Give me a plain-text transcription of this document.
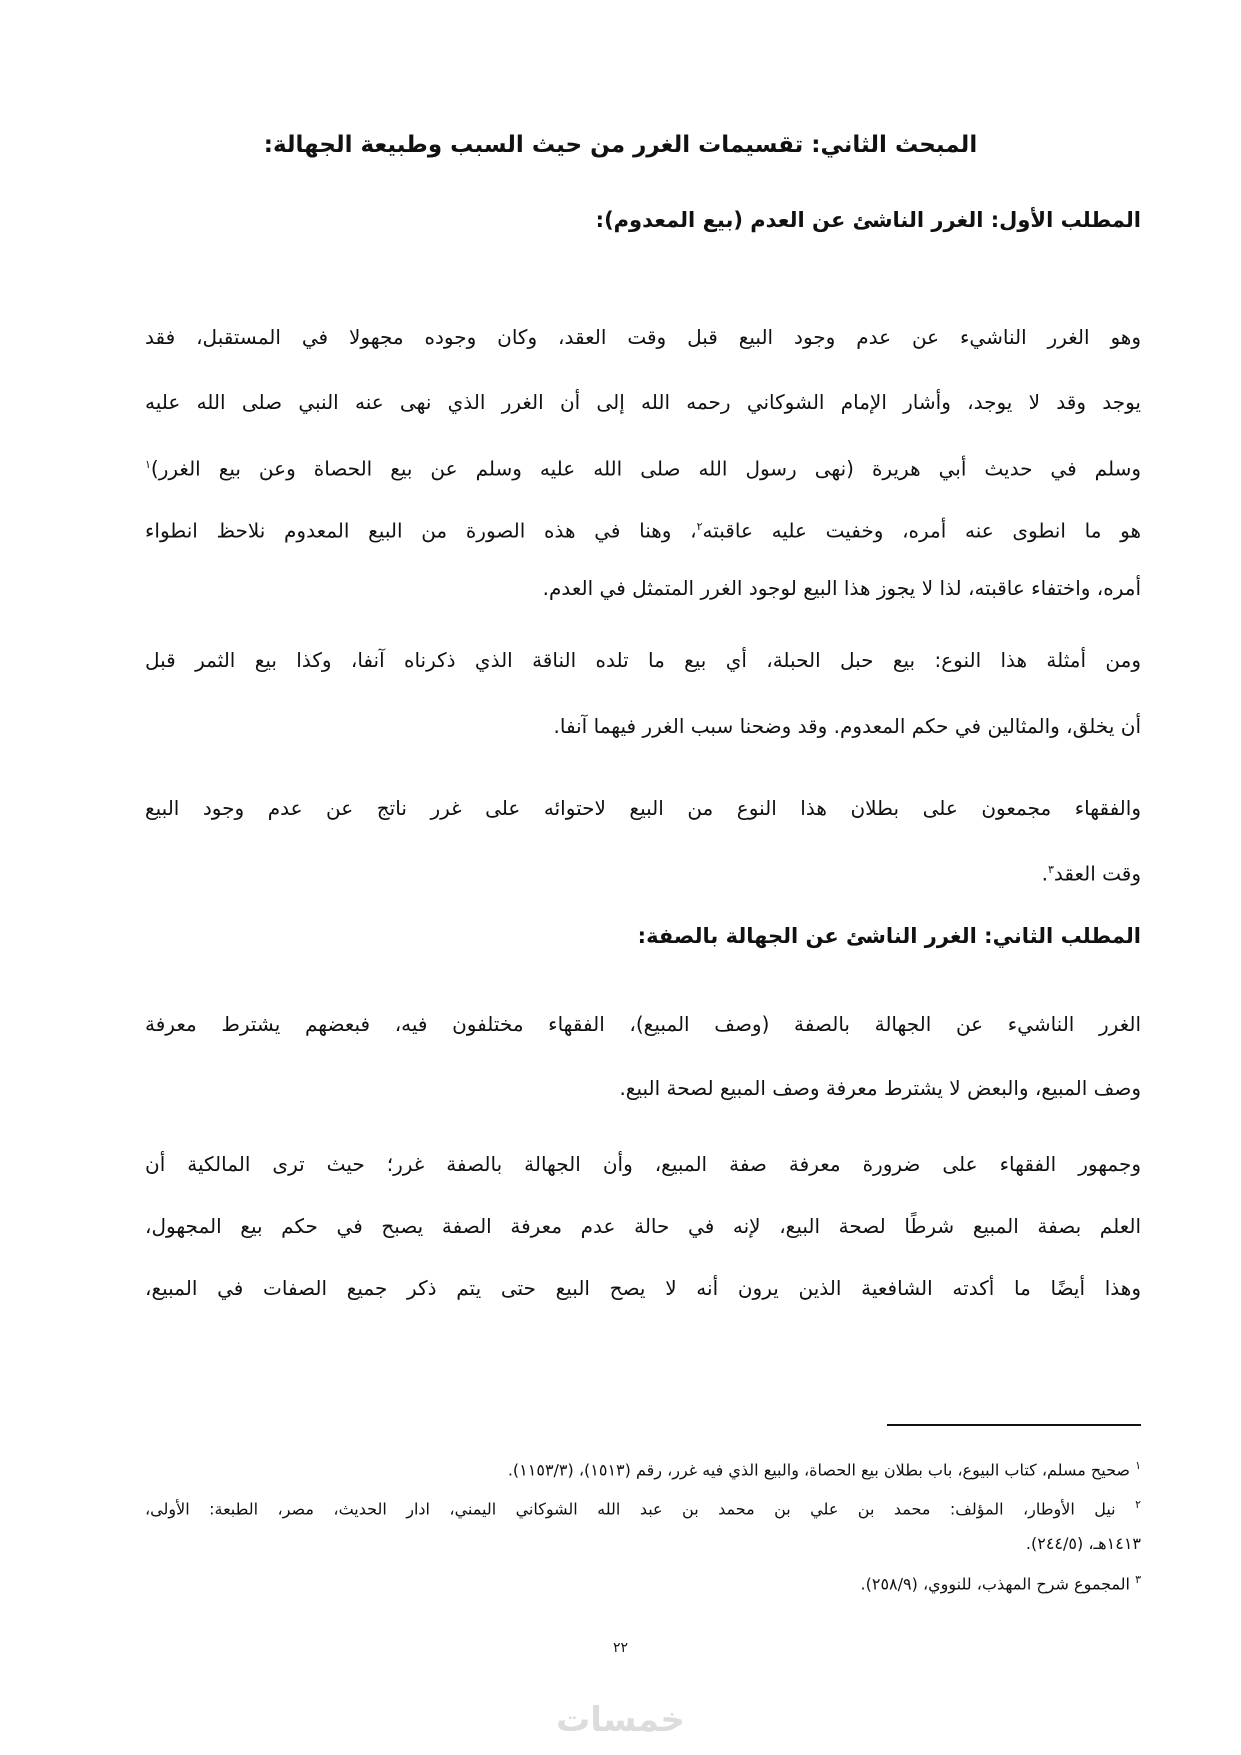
المبحث الثاني: تقسيمات الغرر من حيث السبب وطبيعة الجهالة:
المطلب الأول: الغرر الناشئ عن العدم (بيع المعدوم):
وهو الغرر الناشيء عن عدم وجود البيع قبل وقت العقد، وكان وجوده مجهولا في المستقبل، فقد
يوجد وقد لا يوجد، وأشار الإمام الشوكاني رحمه الله إلى أن الغرر الذي نهى عنه النبي صلى الله عليه
وسلم في حديث أبي هريرة (نهى رسول الله صلى الله عليه وسلم عن بيع الحصاة وعن بيع الغرر)$^١$
هو ما انطوى عنه أمره، وخفيت عليه عاقبته$^٢$، وهنا في هذه الصورة من البيع المعدوم نلاحظ انطواء
أمره، واختفاء عاقبته، لذا لا يجوز هذا البيع لوجود الغرر المتمثل في العدم.
ومن أمثلة هذا النوع: بيع حبل الحبلة، أي بيع ما تلده الناقة الذي ذكرناه آنفا، وكذا بيع الثمر قبل
أن يخلق، والمثالين في حكم المعدوم. وقد وضحنا سبب الغرر فيهما آنفا.
والفقهاء مجمعون على بطلان هذا النوع من البيع لاحتوائه على غرر ناتج عن عدم وجود البيع
وقت العقد$^٣$.
المطلب الثاني: الغرر الناشئ عن الجهالة بالصفة:
الغرر الناشيء عن الجهالة بالصفة (وصف المبيع)، الفقهاء مختلفون فيه، فبعضهم يشترط معرفة
وصف المبيع، والبعض لا يشترط معرفة وصف المبيع لصحة البيع.
وجمهور الفقهاء على ضرورة معرفة صفة المبيع، وأن الجهالة بالصفة غرر؛ حيث ترى المالكية أن
العلم بصفة المبيع شرطًا لصحة البيع، لإنه في حالة عدم معرفة الصفة يصبح في حكم بيع المجهول،
وهذا أيضًا ما أكدته الشافعية الذين يرون أنه لا يصح البيع حتى يتم ذكر جميع الصفات في المبيع،
$^١$ صحيح مسلم، كتاب البيوع، باب بطلان بيع الحصاة، والبيع الذي فيه غرر، رقم (١٥١٣)، (١١٥٣/٣).
$^٢$ نيل الأوطار، المؤلف: محمد بن علي بن محمد بن عبد الله الشوكاني اليمني، ادار الحديث، مصر، الطبعة: الأولى،
١٤١٣هـ، (٢٤٤/٥).
$^٣$ المجموع شرح المهذب، للنووي، (٢٥٨/٩).
٢٢
خمسات
